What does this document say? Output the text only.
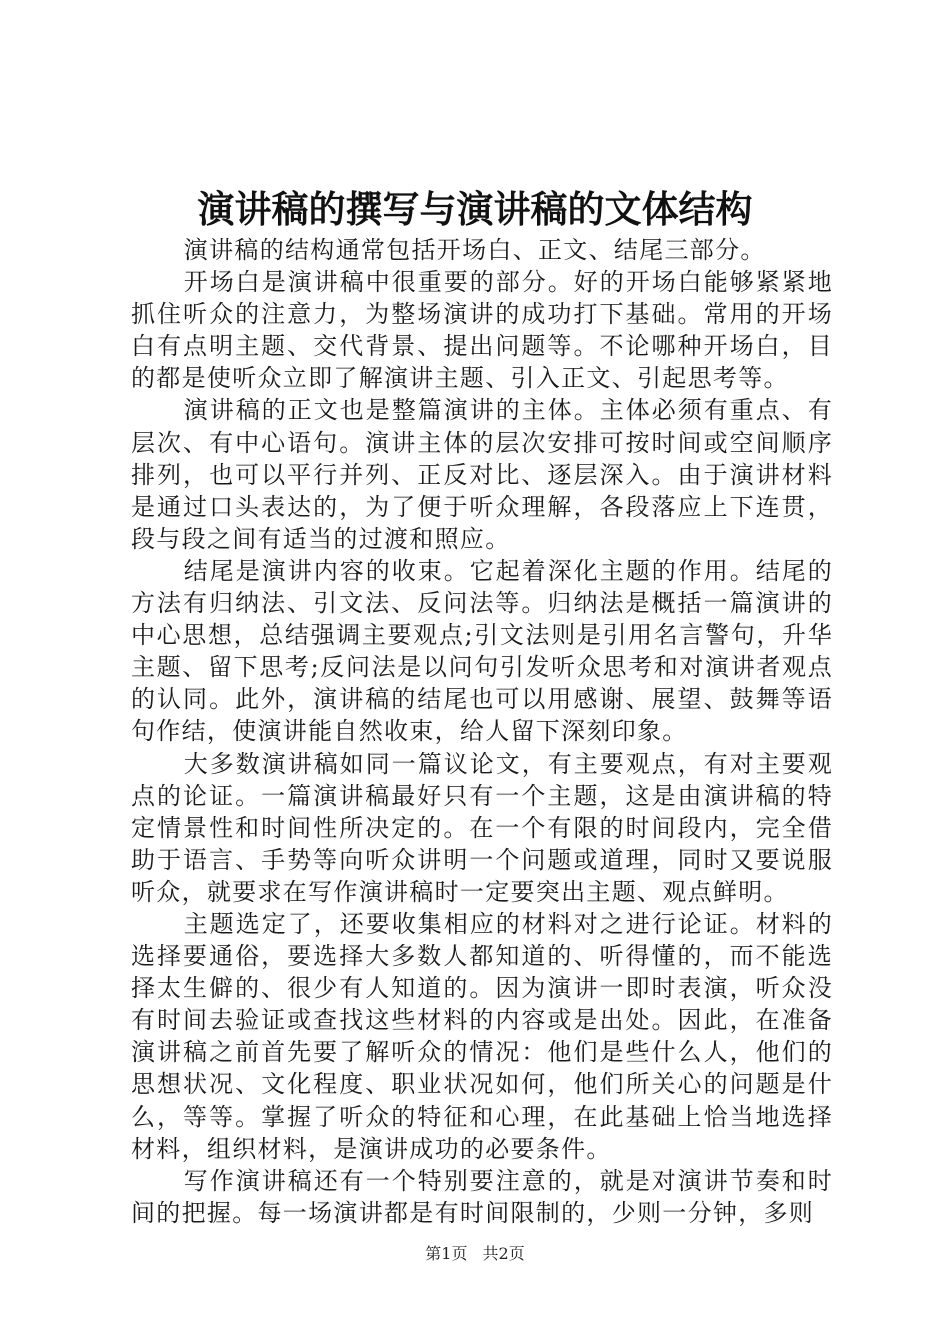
演讲稿的撰写与演讲稿的文体结构

演讲稿的结构通常包括开场白、正文、结尾三部分。

开场白是演讲稿中很重要的部分。好的开场白能够紧紧地抓住听众的注意力，为整场演讲的成功打下基础。常用的开场白有点明主题、交代背景、提出问题等。不论哪种开场白，目的都是使听众立即了解演讲主题、引入正文、引起思考等。

演讲稿的正文也是整篇演讲的主体。主体必须有重点、有层次、有中心语句。演讲主体的层次安排可按时间或空间顺序排列，也可以平行并列、正反对比、逐层深入。由于演讲材料是通过口头表达的，为了便于听众理解，各段落应上下连贯，段与段之间有适当的过渡和照应。

结尾是演讲内容的收束。它起着深化主题的作用。结尾的方法有归纳法、引文法、反问法等。归纳法是概括一篇演讲的中心思想，总结强调主要观点;引文法则是引用名言警句，升华主题、留下思考;反问法是以问句引发听众思考和对演讲者观点的认同。此外，演讲稿的结尾也可以用感谢、展望、鼓舞等语句作结，使演讲能自然收束，给人留下深刻印象。

大多数演讲稿如同一篇议论文，有主要观点，有对主要观点的论证。一篇演讲稿最好只有一个主题，这是由演讲稿的特定情景性和时间性所决定的。在一个有限的时间段内，完全借助于语言、手势等向听众讲明一个问题或道理，同时又要说服听众，就要求在写作演讲稿时一定要突出主题、观点鲜明。

主题选定了，还要收集相应的材料对之进行论证。材料的选择要通俗，要选择大多数人都知道的、听得懂的，而不能选择太生僻的、很少有人知道的。因为演讲一即时表演，听众没有时间去验证或查找这些材料的内容或是出处。因此，在准备演讲稿之前首先要了解听众的情况：他们是些什么人，他们的思想状况、文化程度、职业状况如何，他们所关心的问题是什么，等等。掌握了听众的特征和心理，在此基础上恰当地选择材料，组织材料，是演讲成功的必要条件。

写作演讲稿还有一个特别要注意的，就是对演讲节奏和时间的把握。每一场演讲都是有时间限制的，少则一分钟，多则

第1页 共2页
